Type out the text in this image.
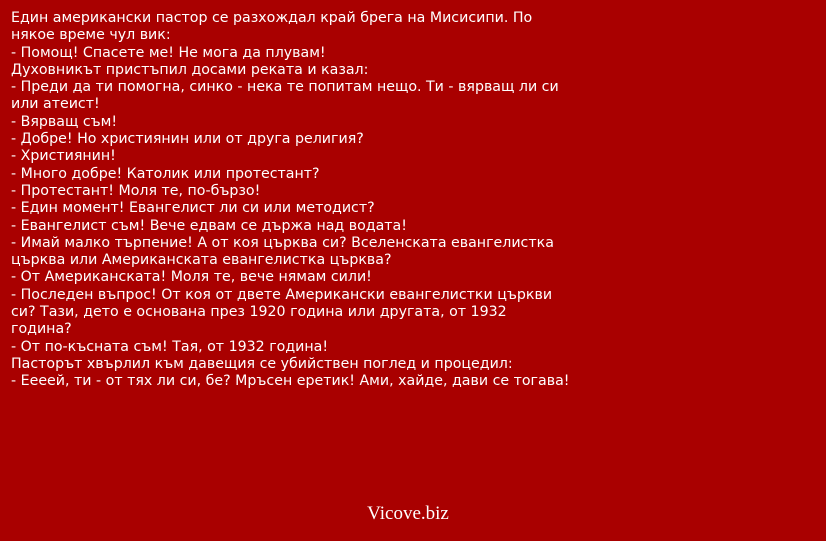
Един американски пастор се разхождал край брега на Мисисипи. По някое време чул вик:
- Помощ! Спасете ме! Не мога да плувам!
Духовникът пристъпил досами реката и казал:
- Преди да ти помогна, синко - нека те попитам нещо. Ти - вярващ ли си или атеист!
- Вярващ съм!
- Добре! Но християнин или от друга религия?
- Християнин!
- Много добре! Католик или протестант?
- Протестант! Моля те, по-бързо!
- Един момент! Евангелист ли си или методист?
- Евангелист съм! Вече едвам се държа над водата!
- Имай малко търпение! А от коя църква си? Вселенската евангелистка църква или Американската евангелистка църква?
- От Американската! Моля те, вече нямам сили!
- Последен въпрос! От коя от двете Американски евангелистки църкви си? Тази, дето е основана през 1920 година или другата, от 1932 година?
- От по-късната съм! Тая, от 1932 година!
Пасторът хвърлил към давещия се убийствен поглед и процедил:
- Еееей, ти - от тях ли си, бе? Мръсен еретик! Ами, хайде, дави се тогава!
Vicove.biz
